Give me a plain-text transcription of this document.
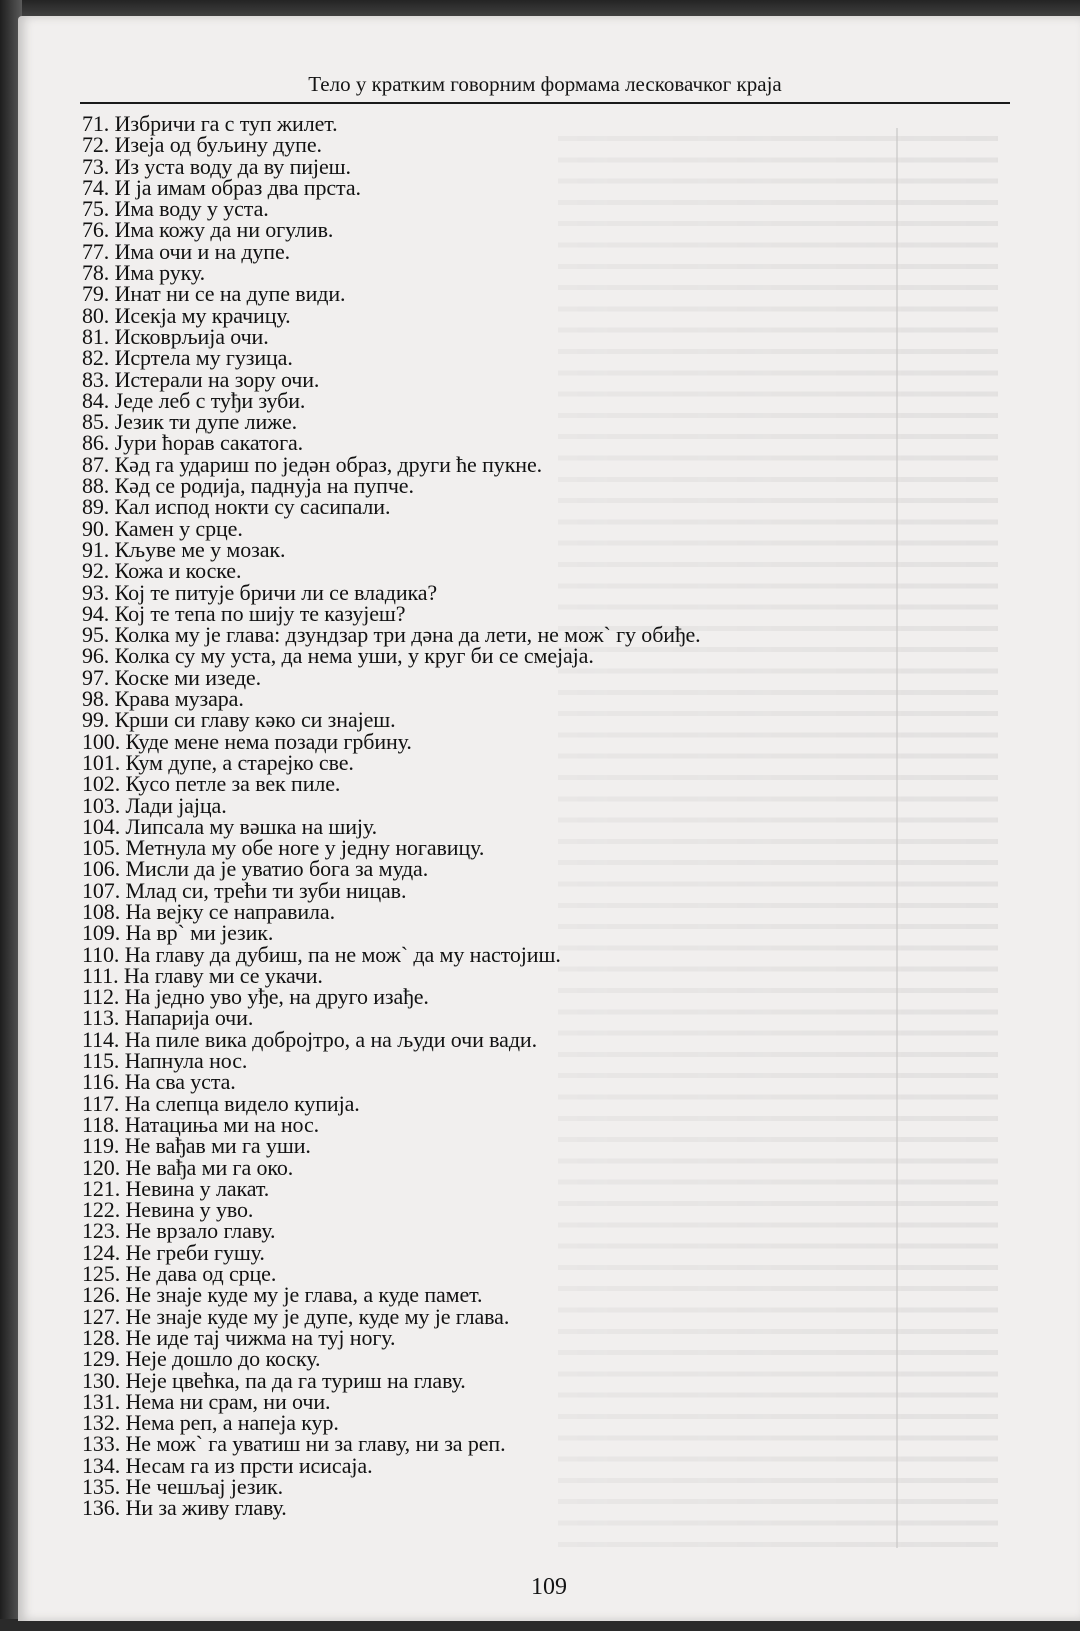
Тело у кратким говорним формама лесковачког краја
71. Избричи га с туп жилет.
72. Изеја од буљину дупе.
73. Из уста воду да ву пијеш.
74. И ја имам образ два прста.
75. Има воду у уста.
76. Има кожу да ни огулив.
77. Има очи и на дупе.
78. Има руку.
79. Инат ни се на дупе види.
80. Исекја му крачицу.
81. Исковрљија очи.
82. Исртела му гузица.
83. Истерали на зору очи.
84. Једе леб с туђи зуби.
85. Језик ти дупе лиже.
86. Јури ћорав сакатога.
87. Кәд га удариш по једән образ, други ће пукне.
88. Кәд се родија, паднуја на пупче.
89. Кал испод нокти су сасипали.
90. Камен у срце.
91. Кљуве ме у мозак.
92. Кожа и коске.
93. Кој те питује бричи ли се владика?
94. Кој те тепа по шију те казујеш?
95. Колка му је глава: дзундзар три дәна да лети, не мож` гу обиђе.
96. Колка су му уста, да нема уши, у круг би се смејаја.
97. Коске ми изеде.
98. Крава музара.
99. Крши си главу кәко си знајеш.
100. Куде мене нема позади грбину.
101. Кум дупе, а старејко све.
102. Кусо петле за век пиле.
103. Лади јајца.
104. Липсала му вәшка на шију.
105. Метнула му обе ноге у једну ногавицу.
106. Мисли да је уватио бога за муда.
107. Млад си, трећи ти зуби ницав.
108. На вејку се направила.
109. На вр` ми језик.
110. На главу да дубиш, па не мож` да му настојиш.
111. На главу ми се укачи.
112. На једно уво уђе, на друго изађе.
113. Напарија очи.
114. На пиле вика добројтро, а на људи очи вади.
115. Напнула нос.
116. На сва уста.
117. На слепца видело купија.
118. Натациња ми на нос.
119. Не вађав ми га уши.
120. Не вађа ми га око.
121. Невина у лакат.
122. Невина у уво.
123. Не врзало главу.
124. Не греби гушу.
125. Не дава од срце.
126. Не знаје куде му је глава, а куде памет.
127. Не знаје куде му је дупе, куде му је глава.
128. Не иде тај чижма на туј ногу.
129. Неје дошло до коску.
130. Неје цвећка, па да га туриш на главу.
131. Нема ни срам, ни очи.
132. Нема реп, а напеја кур.
133. Не мож` га уватиш ни за главу, ни за реп.
134. Несам га из прсти исисаја.
135. Не чешљај језик.
136. Ни за живу главу.
109
